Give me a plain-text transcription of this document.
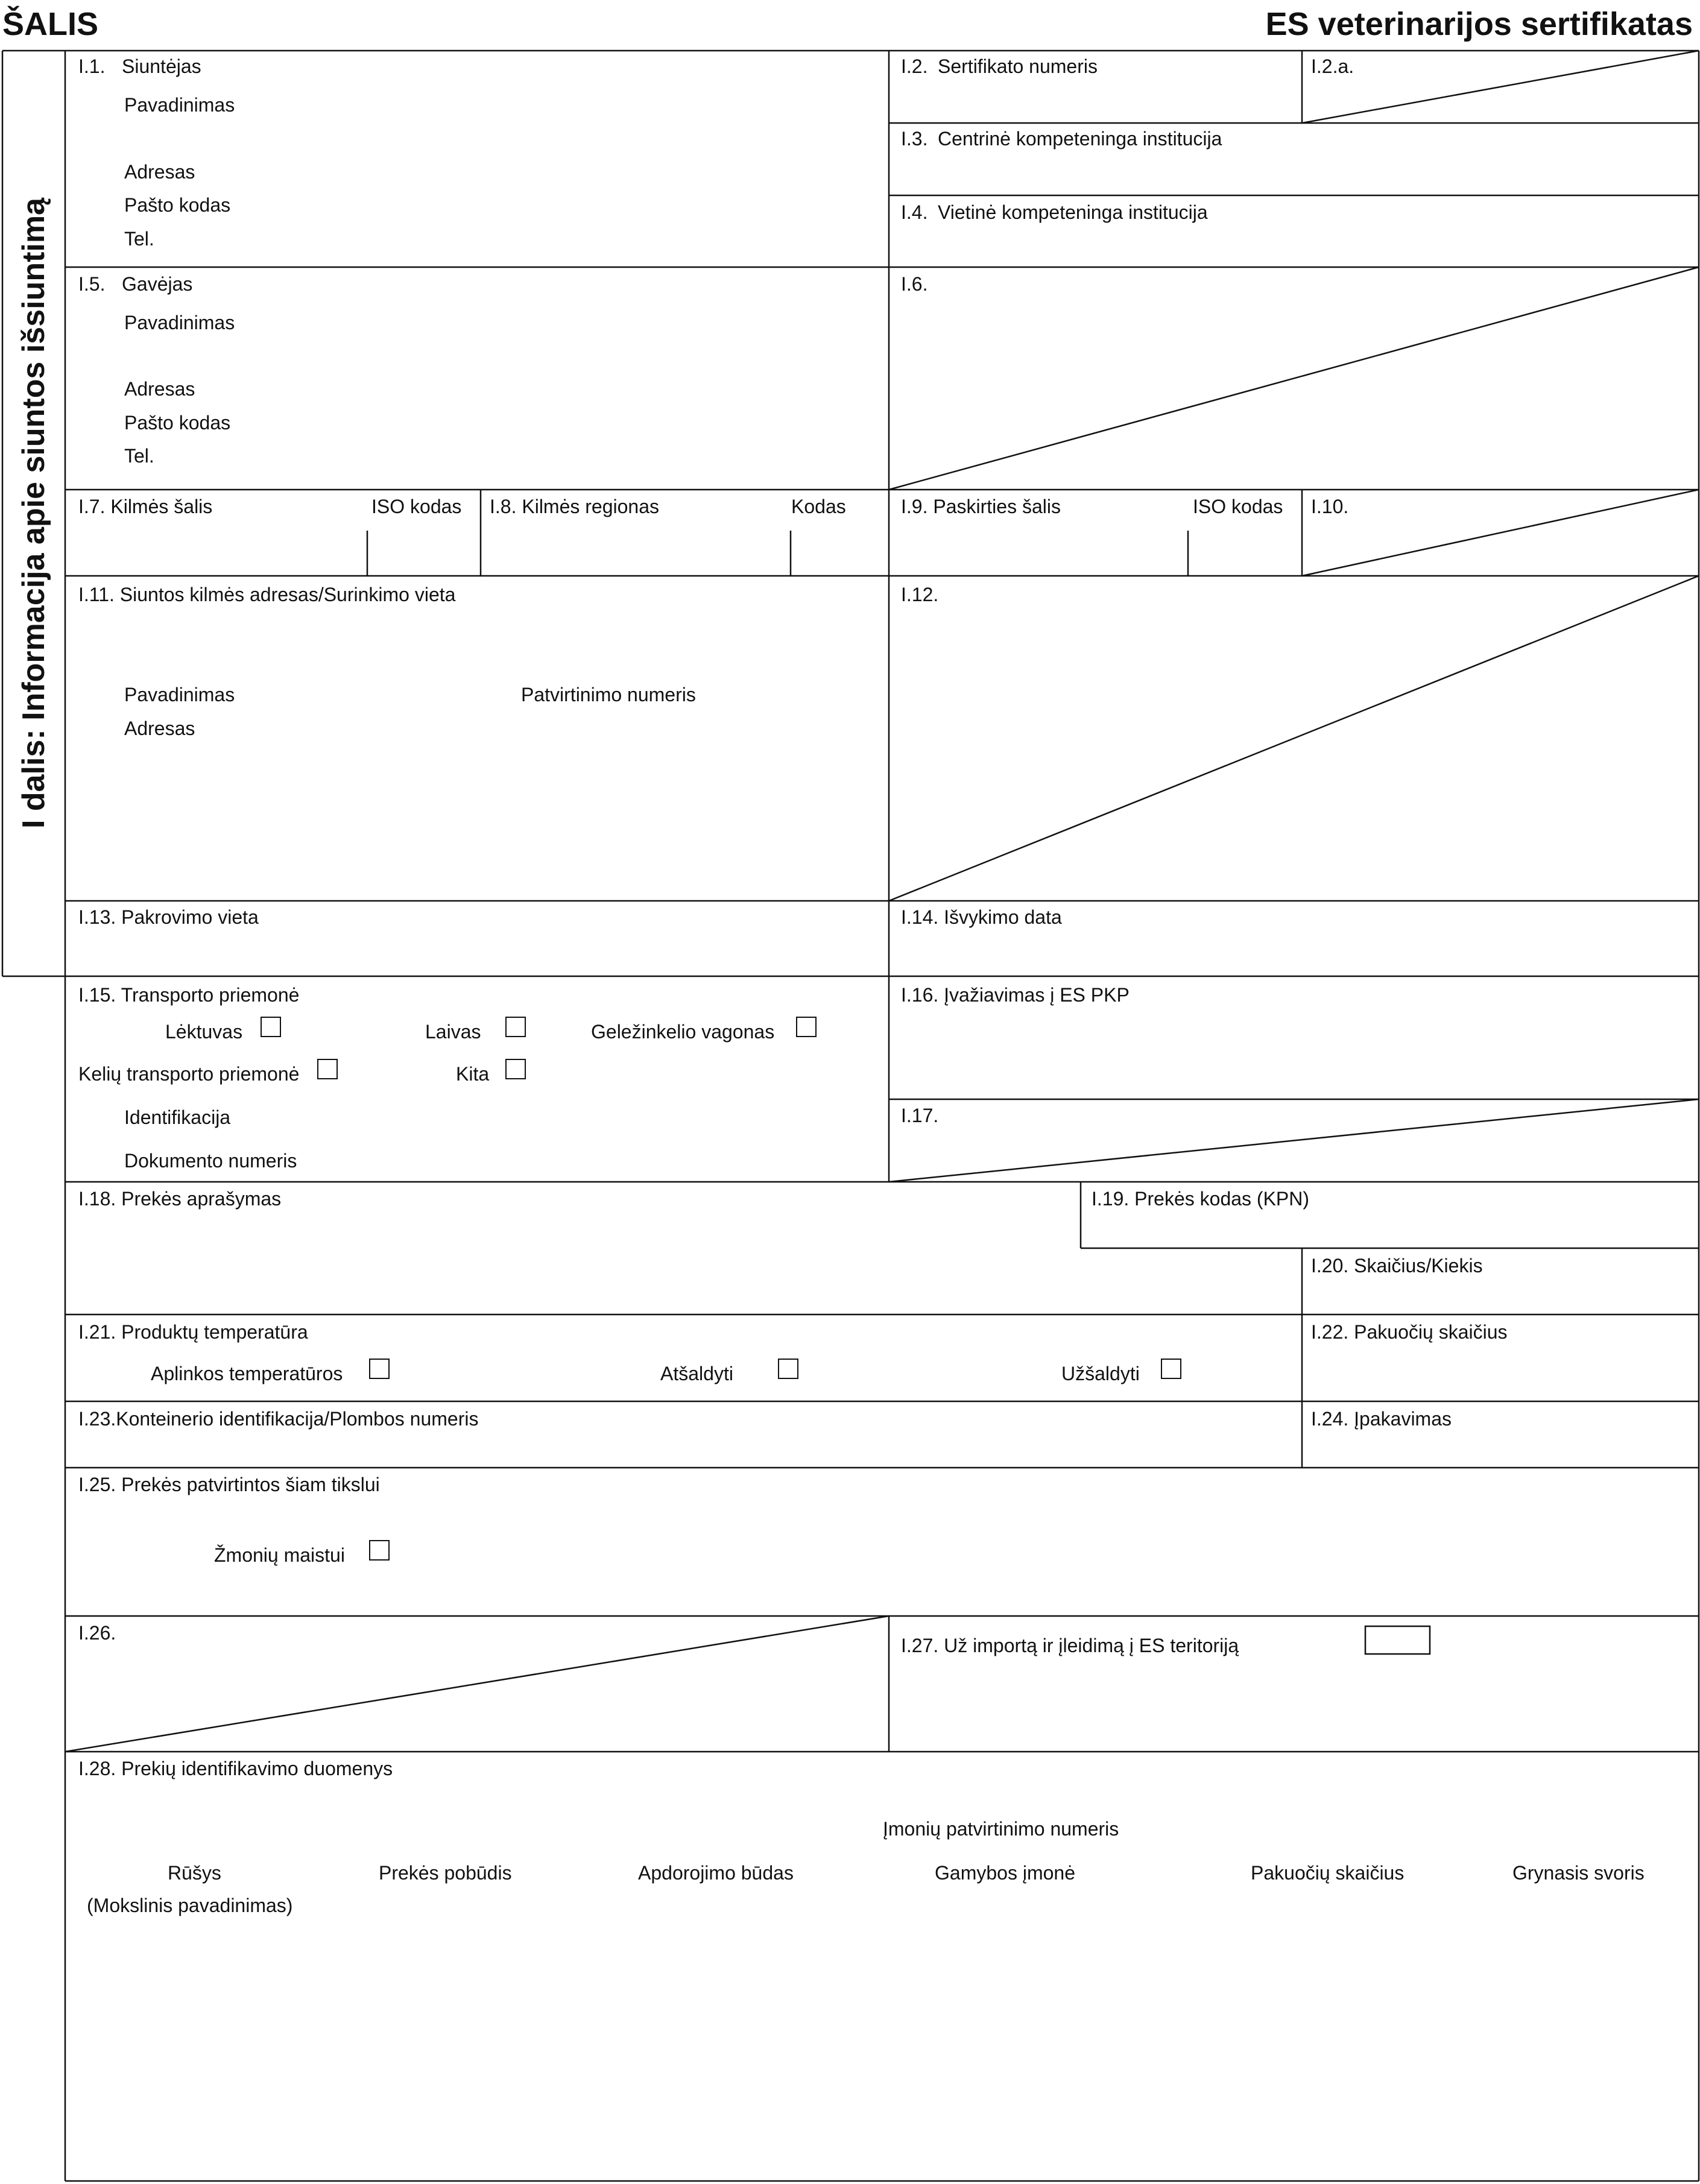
ŠALIS	ES veterinarijos sertifikatas
I dalis: Informacija apie siuntos išsiuntimą
I.1. Siuntėjas
Pavadinimas
Adresas
Pašto kodas
Tel.
I.2. Sertifikato numeris	I.2.a.
I.3. Centrinė kompeteninga institucija
I.4. Vietinė kompeteninga institucija
I.5. Gavėjas
Pavadinimas
Adresas
Pašto kodas
Tel.
I.6.
I.7. Kilmės šalis	ISO kodas I.8. Kilmės regionas	Kodas	I.9. Paskirties šalis	ISO kodas I.10.
I.11. Siuntos kilmės adresas/Surinkimo vieta
Pavadinimas	Patvirtinimo numeris
Adresas
I.12.
I.13. Pakrovimo vieta	I.14. Išvykimo data
I.15. Transporto priemonė
Lėktuvas	Laivas	Geležinkelio vagonas
Kelių transporto priemonė	Kita
Identifikacija
Dokumento numeris
I.16. Įvažiavimas į ES PKP
I.17.
I.18. Prekės aprašymas	I.19. Prekės kodas (KPN)
I.20. Skaičius/Kiekis
I.21. Produktų temperatūra
Aplinkos temperatūros	Atšaldyti	Užšaldyti
I.22. Pakuočių skaičius
I.23.Konteinerio identifikacija/Plombos numeris	I.24. Įpakavimas
I.25. Prekės patvirtintos šiam tikslui
Žmonių maistui
I.26.
I.27. Už importą ir įleidimą į ES teritoriją
I.28. Prekių identifikavimo duomenys
Įmonių patvirtinimo numeris
Rūšys	Prekės pobūdis	Apdorojimo būdas	Gamybos įmonė	Pakuočių skaičius	Grynasis svoris
(Mokslinis pavadinimas)
